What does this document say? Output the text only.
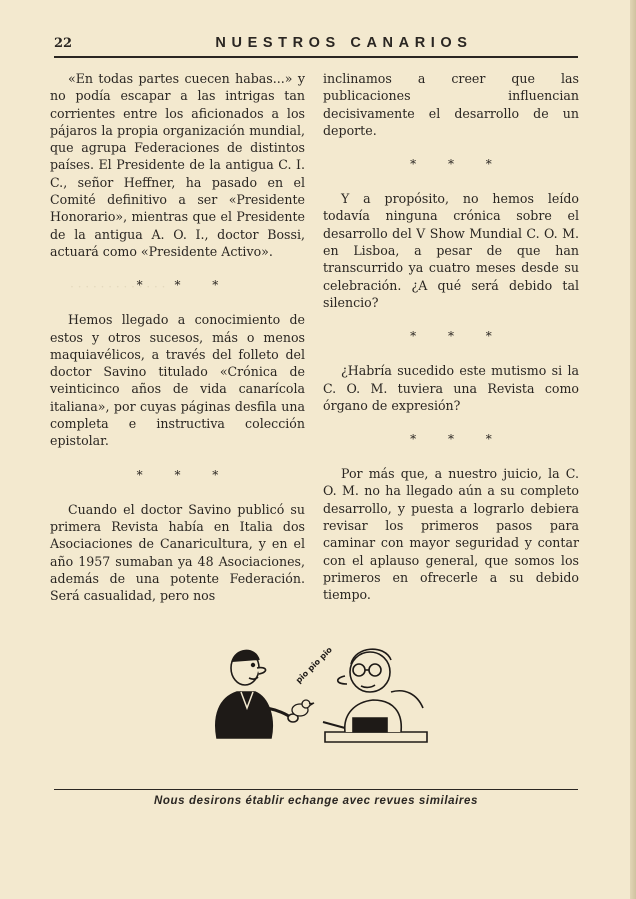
22	NUESTROS CANARIOS
· · · · · · · · · · · · ·

«En todas partes cuecen habas...» y no podía escapar a las intrigas tan corrientes entre los aficionados a los pájaros la propia organización mundial, que agrupa Federaciones de distintos países. El Presidente de la antigua C. I. C., señor Heffner, ha pasado en el Comité definitivo a ser «Presidente Honorario», mientras que el Presidente de la antigua A. O. I., doctor Bossi, actuará como «Presidente Activo».

* * *

Hemos llegado a conocimiento de estos y otros sucesos, más o menos maquiavélicos, a través del folleto del doctor Savino titulado «Crónica de veinticinco años de vida canarícola italiana», por cuyas páginas desfila una completa e instructiva colección epistolar.

* * *

Cuando el doctor Savino publicó su primera Revista había en Italia dos Asociaciones de Canaricultura, y en el año 1957 sumaban ya 48 Asociaciones, además de una potente Federación. Será casualidad, pero nos

inclinamos a creer que las publicaciones influencian decisivamente el desarrollo de un deporte.

* * *

Y a propósito, no hemos leído todavía ninguna crónica sobre el desarrollo del V Show Mundial C. O. M. en Lisboa, a pesar de que han transcurrido ya cuatro meses desde su celebración. ¿A qué será debido tal silencio?

* * *

¿Habría sucedido este mutismo si la C. O. M. tuviera una Revista como órgano de expresión?

* * *

Por más que, a nuestro juicio, la C. O. M. no ha llegado aún a su completo desarrollo, y puesta a lograrlo debiera revisar los primeros pasos para caminar con mayor seguridad y contar con el aplauso general, que somos los primeros en ofrecerle a su debido tiempo.

pio pio pio
Nous desirons établir echange avec revues similaires
